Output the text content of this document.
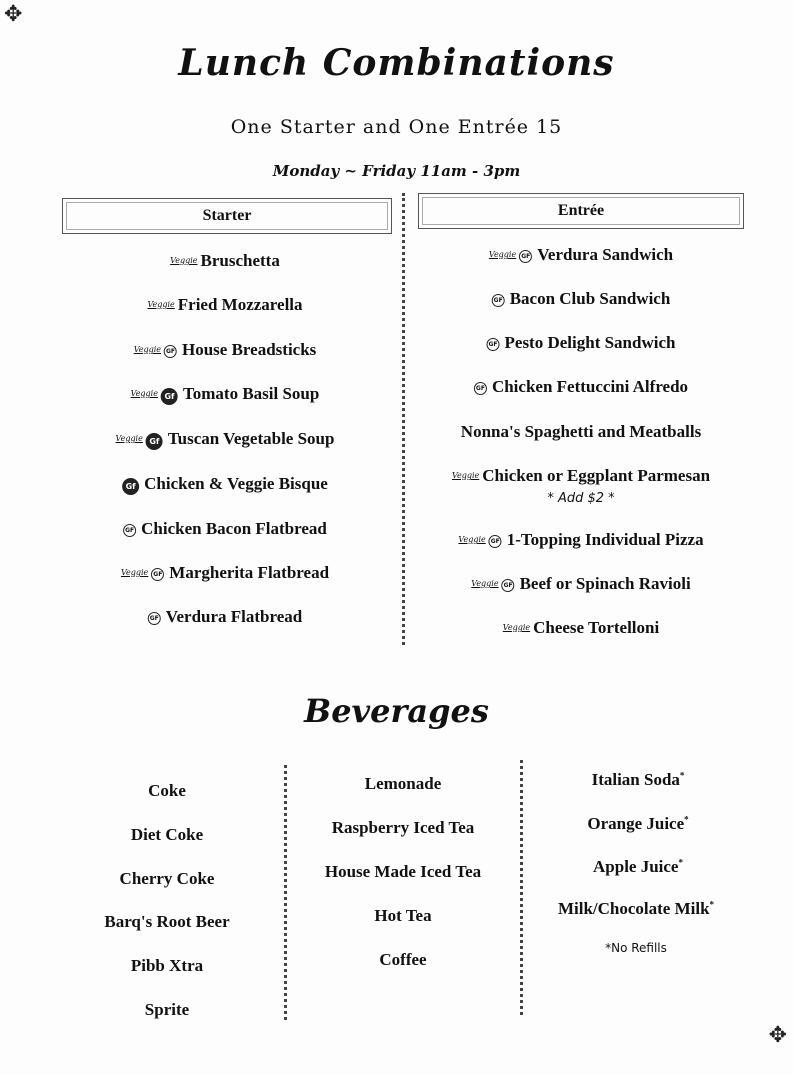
✥
✥
Lunch Combinations
One Starter and One Entrée 15
Monday ~ Friday 11am - 3pm
Starter	Entrée
Veggie Bruschetta
Veggie Fried Mozzarella
Veggie GF House Breadsticks
Veggie Gf Tomato Basil Soup
Veggie Gf Tuscan Vegetable Soup
Gf Chicken & Veggie Bisque
GF Chicken Bacon Flatbread
Veggie GF Margherita Flatbread
GF Verdura Flatbread
Veggie GF Verdura Sandwich
GF Bacon Club Sandwich
GF Pesto Delight Sandwich
GF Chicken Fettuccini Alfredo
Nonna's Spaghetti and Meatballs
Veggie Chicken or Eggplant Parmesan
* Add $2 *
Veggie GF 1-Topping Individual Pizza
Veggie GF Beef or Spinach Ravioli
Veggie Cheese Tortelloni
Beverages
Coke
Diet Coke
Cherry Coke
Barq's Root Beer
Pibb Xtra
Sprite
Lemonade
Raspberry Iced Tea
House Made Iced Tea
Hot Tea
Coffee
Italian Soda*
Orange Juice*
Apple Juice*
Milk/Chocolate Milk*
*No Refills
